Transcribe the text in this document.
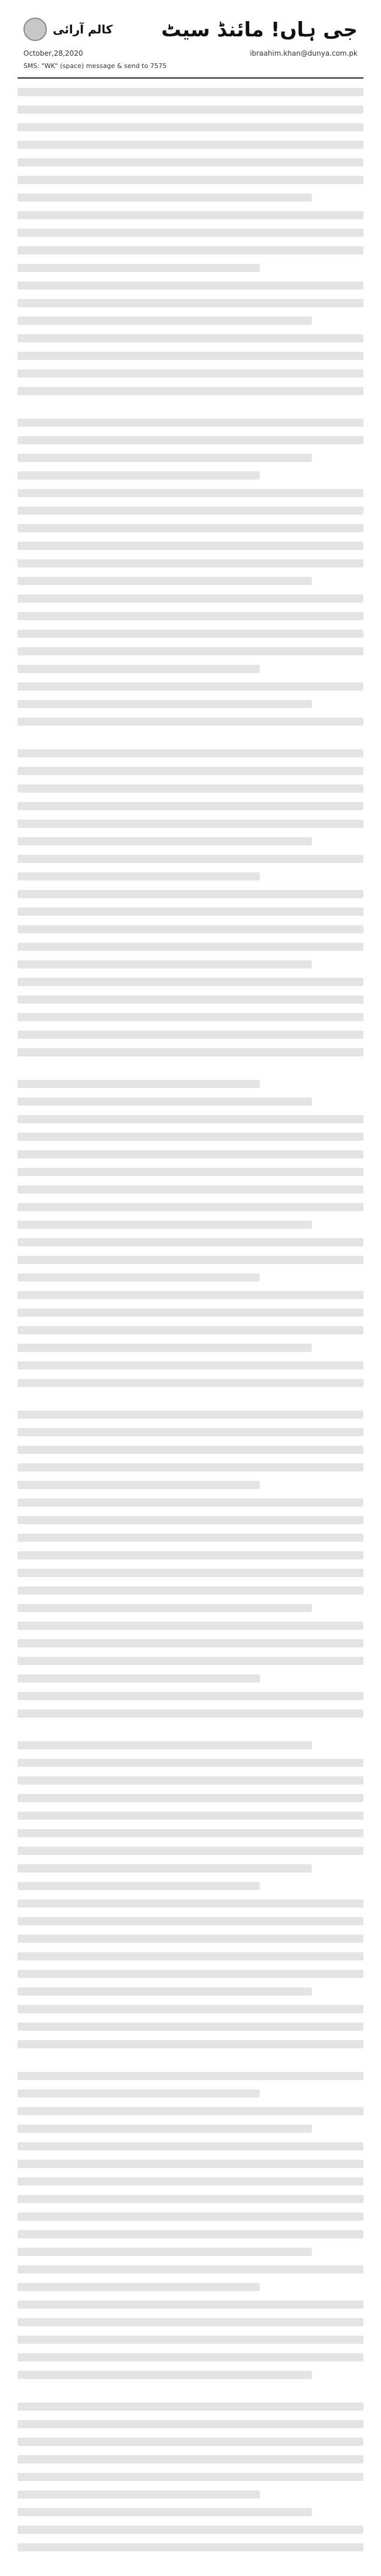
کالم آرائی جی ہاں! مائنڈ سیٹ
October,28,2020	ibraahim.khan@dunya.com.pk
SMS: "WK" (space) message & send to 7575
